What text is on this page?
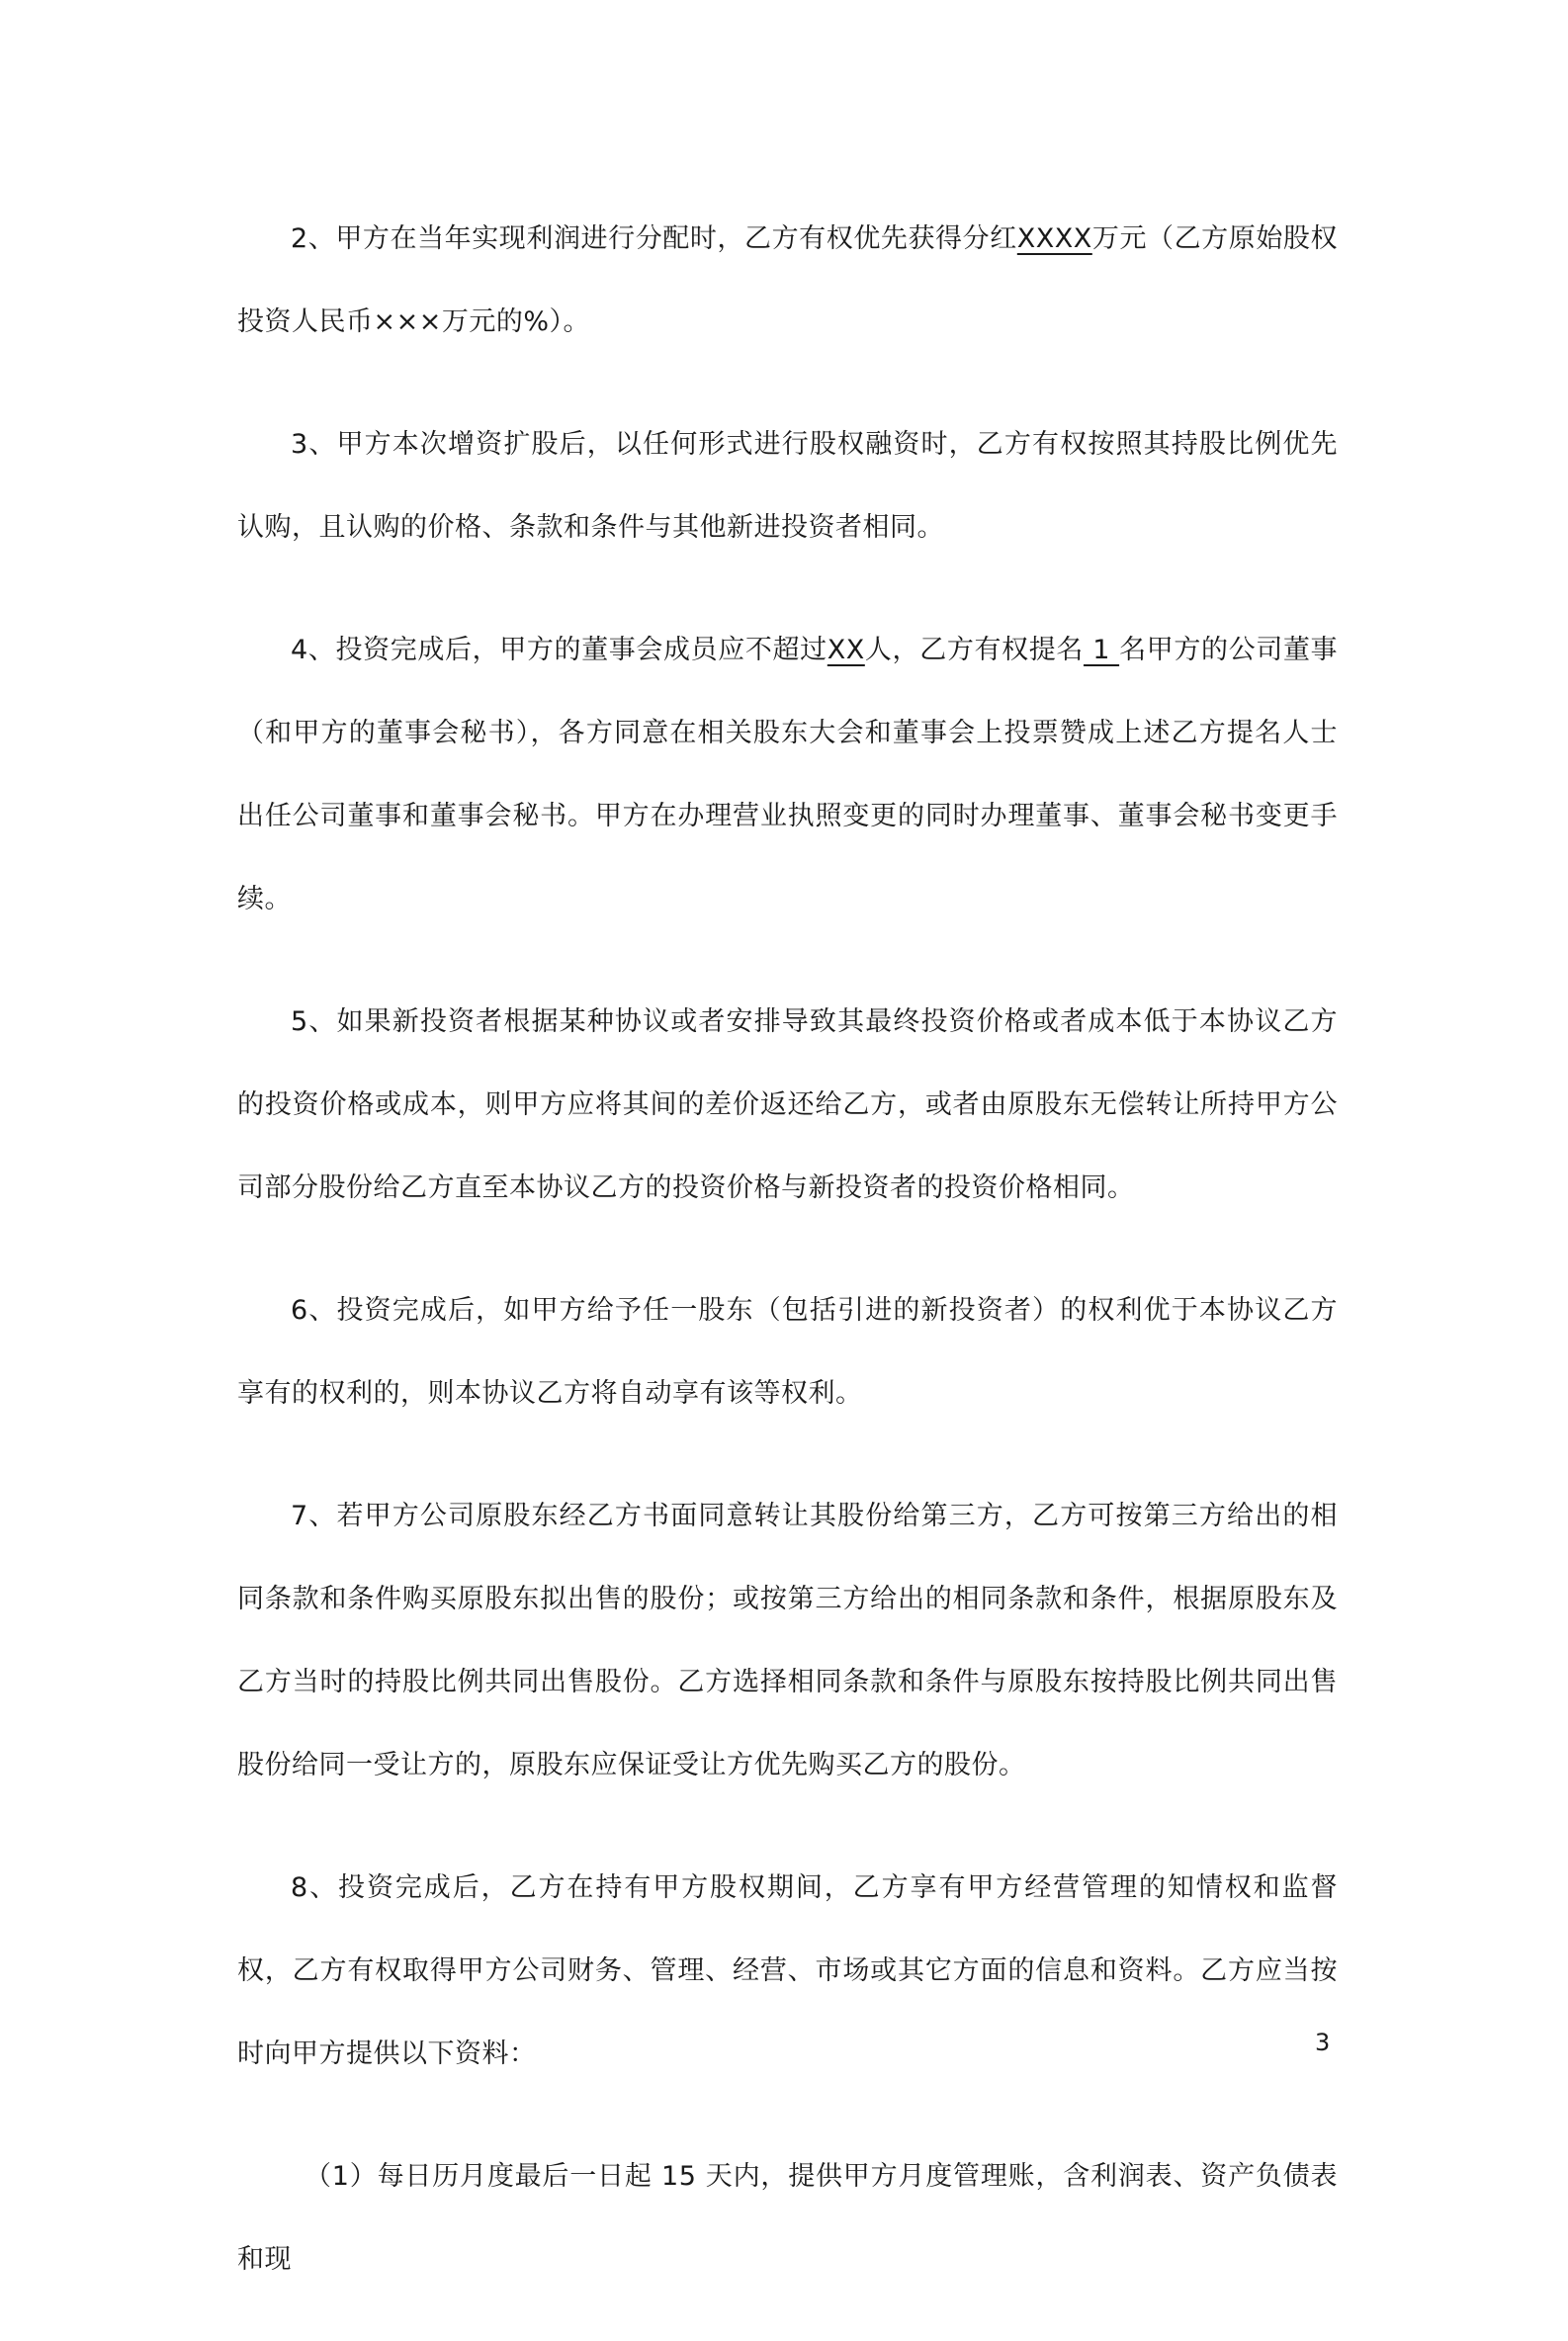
2、甲方在当年实现利润进行分配时，乙方有权优先获得分红XXXX万元（乙方原始股权投资人民币×××万元的%）。

3、甲方本次增资扩股后，以任何形式进行股权融资时，乙方有权按照其持股比例优先认购，且认购的价格、条款和条件与其他新进投资者相同。

4、投资完成后，甲方的董事会成员应不超过XX人，乙方有权提名 1 名甲方的公司董事（和甲方的董事会秘书），各方同意在相关股东大会和董事会上投票赞成上述乙方提名人士出任公司董事和董事会秘书。甲方在办理营业执照变更的同时办理董事、董事会秘书变更手续。

5、如果新投资者根据某种协议或者安排导致其最终投资价格或者成本低于本协议乙方的投资价格或成本，则甲方应将其间的差价返还给乙方，或者由原股东无偿转让所持甲方公司部分股份给乙方直至本协议乙方的投资价格与新投资者的投资价格相同。

6、投资完成后，如甲方给予任一股东（包括引进的新投资者）的权利优于本协议乙方享有的权利的，则本协议乙方将自动享有该等权利。

7、若甲方公司原股东经乙方书面同意转让其股份给第三方，乙方可按第三方给出的相同条款和条件购买原股东拟出售的股份；或按第三方给出的相同条款和条件，根据原股东及乙方当时的持股比例共同出售股份。乙方选择相同条款和条件与原股东按持股比例共同出售股份给同一受让方的，原股东应保证受让方优先购买乙方的股份。

8、投资完成后，乙方在持有甲方股权期间，乙方享有甲方经营管理的知情权和监督权，乙方有权取得甲方公司财务、管理、经营、市场或其它方面的信息和资料。乙方应当按时向甲方提供以下资料：

（1）每日历月度最后一日起 15 天内，提供甲方月度管理账，含利润表、资产负债表和现

3
